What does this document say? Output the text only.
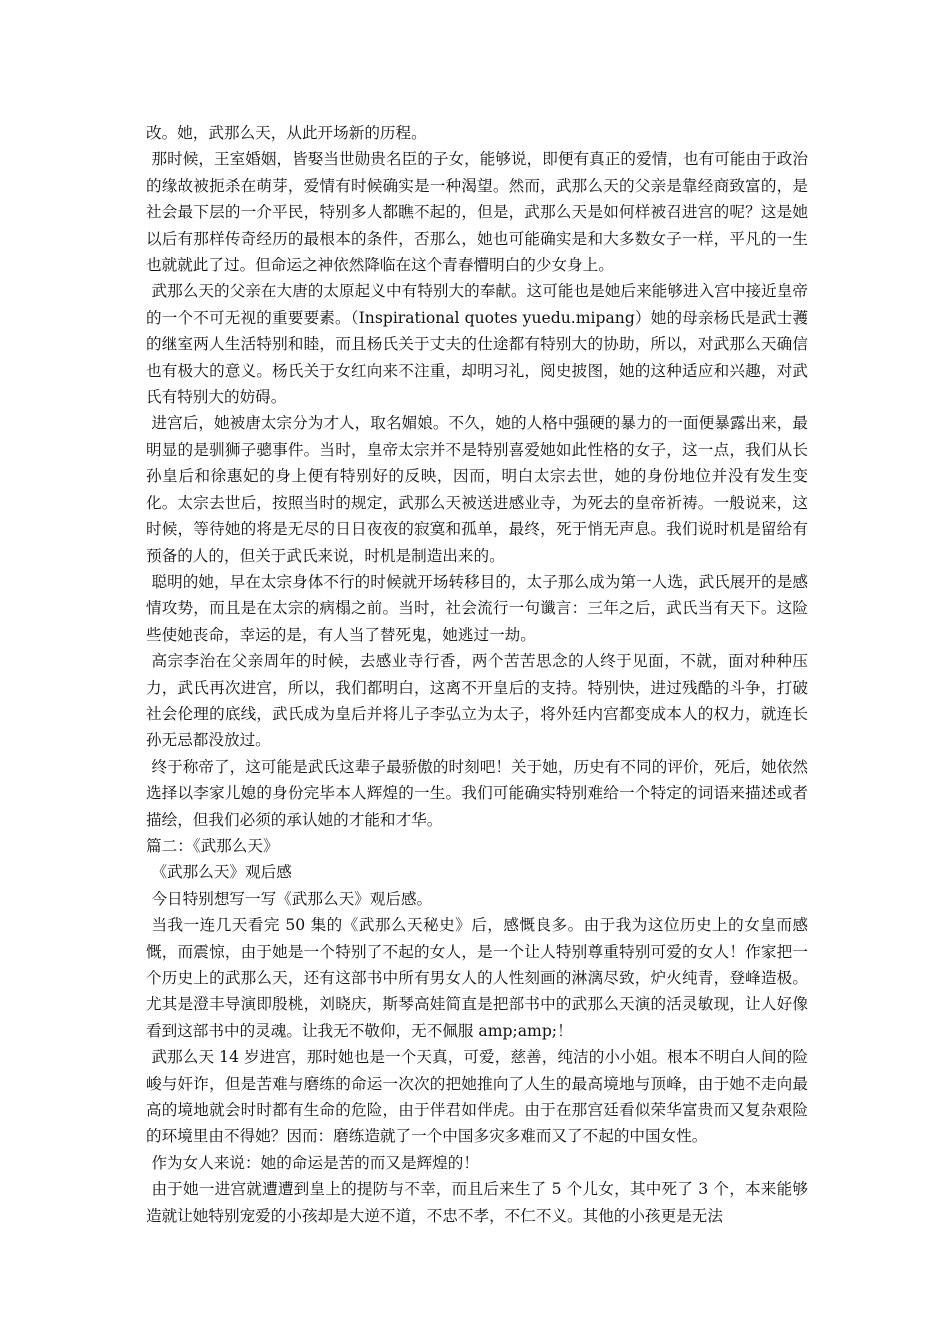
改。她，武那么天，从此开场新的历程。

那时候，王室婚姻，皆娶当世勋贵名臣的子女，能够说，即便有真正的爱情，也有可能由于政治的缘故被扼杀在萌芽，爱情有时候确实是一种渴望。然而，武那么天的父亲是靠经商致富的，是社会最下层的一介平民，特别多人都瞧不起的，但是，武那么天是如何样被召进宫的呢？这是她以后有那样传奇经历的最根本的条件，否那么，她也可能确实是和大多数女子一样，平凡的一生也就就此了过。但命运之神依然降临在这个青春懵明白的少女身上。

武那么天的父亲在大唐的太原起义中有特别大的奉献。这可能也是她后来能够进入宫中接近皇帝的一个不可无视的重要要素。（Inspirational quotes yuedu.mipang）她的母亲杨氏是武士彟的继室两人生活特别和睦，而且杨氏关于丈夫的仕途都有特别大的协助，所以，对武那么天确信也有极大的意义。杨氏关于女红向来不注重，却明习礼，阅史披图，她的这种适应和兴趣，对武氏有特别大的妨碍。

进宫后，她被唐太宗分为才人，取名媚娘。不久，她的人格中强硬的暴力的一面便暴露出来，最明显的是驯狮子骢事件。当时，皇帝太宗并不是特别喜爱她如此性格的女子，这一点，我们从长孙皇后和徐惠妃的身上便有特别好的反映，因而，明白太宗去世，她的身份地位并没有发生变化。太宗去世后，按照当时的规定，武那么天被送进感业寺，为死去的皇帝祈祷。一般说来，这时候，等待她的将是无尽的日日夜夜的寂寞和孤单，最终，死于悄无声息。我们说时机是留给有预备的人的，但关于武氏来说，时机是制造出来的。

聪明的她，早在太宗身体不行的时候就开场转移目的，太子那么成为第一人选，武氏展开的是感情攻势，而且是在太宗的病榻之前。当时，社会流行一句谶言：三年之后，武氏当有天下。这险些使她丧命，幸运的是，有人当了替死鬼，她逃过一劫。

高宗李治在父亲周年的时候，去感业寺行香，两个苦苦思念的人终于见面，不就，面对种种压力，武氏再次进宫，所以，我们都明白，这离不开皇后的支持。特别快，进过残酷的斗争，打破社会伦理的底线，武氏成为皇后并将儿子李弘立为太子，将外廷内宫都变成本人的权力，就连长孙无忌都没放过。

终于称帝了，这可能是武氏这辈子最骄傲的时刻吧！关于她，历史有不同的评价，死后，她依然选择以李家儿媳的身份完毕本人辉煌的一生。我们可能确实特别难给一个特定的词语来描述或者描绘，但我们必须的承认她的才能和才华。

篇二：《武那么天》

《武那么天》观后感

今日特别想写一写《武那么天》观后感。

当我一连几天看完 50 集的《武那么天秘史》后，感慨良多。由于我为这位历史上的女皇而感慨，而震惊，由于她是一个特别了不起的女人，是一个让人特别尊重特别可爱的女人！作家把一个历史上的武那么天，还有这部书中所有男女人的人性刻画的淋漓尽致，炉火纯青，登峰造极。尤其是澄丰导演即殷桃，刘晓庆，斯琴高娃简直是把部书中的武那么天演的活灵敏现，让人好像看到这部书中的灵魂。让我无不敬仰，无不佩服 amp;amp;！

武那么天 14 岁进宫，那时她也是一个天真，可爱，慈善，纯洁的小小姐。根本不明白人间的险峻与奸诈，但是苦难与磨练的命运一次次的把她推向了人生的最高境地与顶峰，由于她不走向最高的境地就会时时都有生命的危险，由于伴君如伴虎。由于在那宫廷看似荣华富贵而又复杂艰险的环境里由不得她？因而：磨练造就了一个中国多灾多难而又了不起的中国女性。

作为女人来说：她的命运是苦的而又是辉煌的！

由于她一进宫就遭遭到皇上的提防与不幸，而且后来生了 5 个儿女，其中死了 3 个，本来能够造就让她特别宠爱的小孩却是大逆不道，不忠不孝，不仁不义。其他的小孩更是无法
